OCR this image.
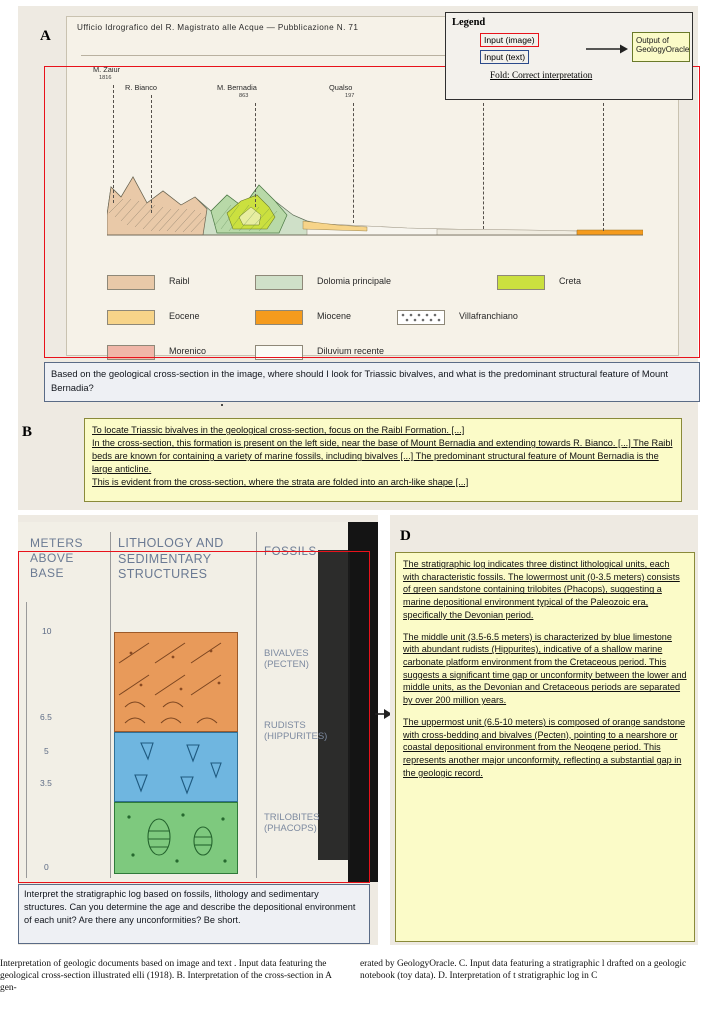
A
Ufficio Idrografico del R. Magistrato alle Acque — Pubblicazione N. 71
M. Zaiur
1816
R. Bianco	M. Bernadia
863
Qualso
197
Raibl	Dolomia principale	Creta
Eocene	Miocene	Villafranchiano
Morenico	Diluvium recente
Legend
Input (image)
Input (text)
Output of GeologyOracle
Fold: Correct interpretation
Based on the geological cross-section in the image, where should I look for Triassic bivalves, and what is the predominant structural feature of Mount Bernadia?
B	To locate Triassic bivalves in the geological cross-section, focus on the Raibl Formation. [...]
In the cross-section, this formation is present on the left side, near the base of Mount Bernadia and extending towards R. Bianco. [...] The Raibl beds are known for containing a variety of marine fossils, including bivalves [...] The predominant structural feature of Mount Bernadia is the large anticline.
This is evident from the cross-section, where the strata are folded into an arch-like shape [...]
METERS ABOVE BASE
LITHOLOGY AND SEDIMENTARY STRUCTURES
FOSSILS
10
6.5
5
3.5
0
BIVALVES
(PECTEN)
RUDISTS
(HIPPURITES)
TRILOBITES
(PHACOPS)
Interpret the stratigraphic log based on fossils, lithology and sedimentary structures. Can you determine the age and describe the depositional environment of each unit? Are there any unconformities? Be short.
D

The stratigraphic log indicates three distinct lithological units, each with characteristic fossils. The lowermost unit (0-3.5 meters) consists of green sandstone containing trilobites (Phacops), suggesting a marine depositional environment typical of the Paleozoic era, specifically the Devonian period.

The middle unit (3.5-6.5 meters) is characterized by blue limestone with abundant rudists (Hippurites), indicative of a shallow marine carbonate platform environment from the Cretaceous period. This suggests a significant time gap or unconformity between the lower and middle units, as the Devonian and Cretaceous periods are separated by over 200 million years.

The uppermost unit (6.5-10 meters) is composed of orange sandstone with cross-bedding and bivalves (Pecten), pointing to a nearshore or coastal depositional environment from the Neogene period. This represents another major unconformity, reflecting a substantial gap in the geologic record.

Interpretation of geologic documents based on image and text . Input data featuring the geological cross-section illustrated elli (1918). B. Interpretation of the cross-section in A gen-
erated by GeologyOracle. C. Input data featuring a stratigraphic l drafted on a geologic notebook (toy data). D. Interpretation of t stratigraphic log in C
